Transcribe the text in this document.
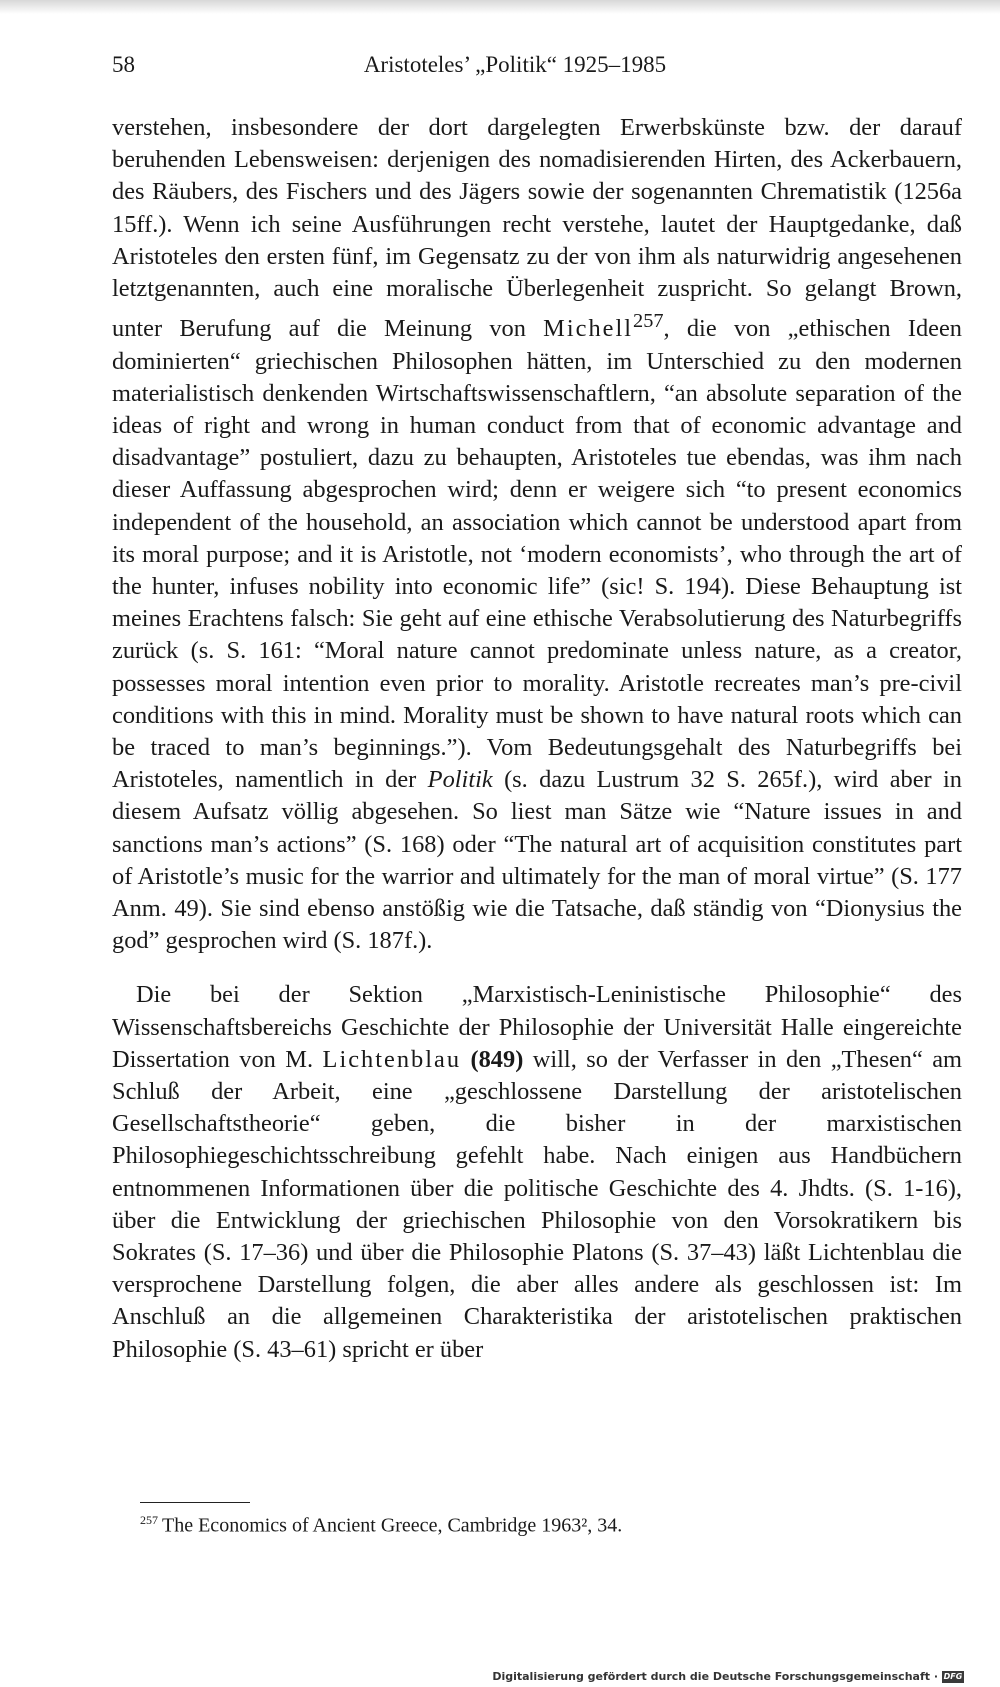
58	Aristoteles’ „Politik“ 1925–1985

verstehen, insbesondere der dort dargelegten Erwerbskünste bzw. der darauf beruhenden Lebensweisen: derjenigen des nomadisierenden Hirten, des Ackerbauern, des Räubers, des Fischers und des Jägers sowie der sogenannten Chrematistik (1256a 15ff.). Wenn ich seine Ausführungen recht verstehe, lautet der Hauptgedanke, daß Aristoteles den ersten fünf, im Gegensatz zu der von ihm als naturwidrig angesehenen letztgenannten, auch eine moralische Überlegenheit zuspricht. So gelangt Brown, unter Berufung auf die Meinung von Michell$^{257}$, die von „ethischen Ideen dominierten“ griechischen Philosophen hätten, im Unterschied zu den modernen materialistisch denkenden Wirtschaftswissenschaftlern, “an absolute separation of the ideas of right and wrong in human conduct from that of economic advantage and disadvantage” postuliert, dazu zu behaupten, Aristoteles tue ebendas, was ihm nach dieser Auffassung abgesprochen wird; denn er weigere sich “to present economics independent of the household, an association which cannot be understood apart from its moral purpose; and it is Aristotle, not ‘modern economists’, who through the art of the hunter, infuses nobility into economic life” (sic! S. 194). Diese Behauptung ist meines Erachtens falsch: Sie geht auf eine ethische Verabsolutierung des Naturbegriffs zurück (s. S. 161: “Moral nature cannot predominate unless nature, as a creator, possesses moral intention even prior to morality. Aristotle recreates man’s pre-civil conditions with this in mind. Morality must be shown to have natural roots which can be traced to man’s beginnings.”). Vom Bedeutungsgehalt des Naturbegriffs bei Aristoteles, namentlich in der Politik (s. dazu Lustrum 32 S. 265f.), wird aber in diesem Aufsatz völlig abgesehen. So liest man Sätze wie “Nature issues in and sanctions man’s actions” (S. 168) oder “The natural art of acquisition constitutes part of Aristotle’s music for the warrior and ultimately for the man of moral virtue” (S. 177 Anm. 49). Sie sind ebenso anstößig wie die Tatsache, daß ständig von “Dionysius the god” gesprochen wird (S. 187f.).

Die bei der Sektion „Marxistisch-Leninistische Philosophie“ des Wissenschaftsbereichs Geschichte der Philosophie der Universität Halle eingereichte Dissertation von M. Lichtenblau (849) will, so der Verfasser in den „Thesen“ am Schluß der Arbeit, eine „geschlossene Darstellung der aristotelischen Gesellschaftstheorie“ geben, die bisher in der marxistischen Philosophiegeschichtsschreibung gefehlt habe. Nach einigen aus Handbüchern entnommenen Informationen über die politische Geschichte des 4. Jhdts. (S. 1-16), über die Entwicklung der griechischen Philosophie von den Vorsokratikern bis Sokrates (S. 17–36) und über die Philosophie Platons (S. 37–43) läßt Lichtenblau die versprochene Darstellung folgen, die aber alles andere als geschlossen ist: Im Anschluß an die allgemeinen Charakteristika der aristotelischen praktischen Philosophie (S. 43–61) spricht er über

$^{257}$ The Economics of Ancient Greece, Cambridge 1963², 34.
Digitalisierung gefördert durch die Deutsche Forschungsgemeinschaft · DFG
